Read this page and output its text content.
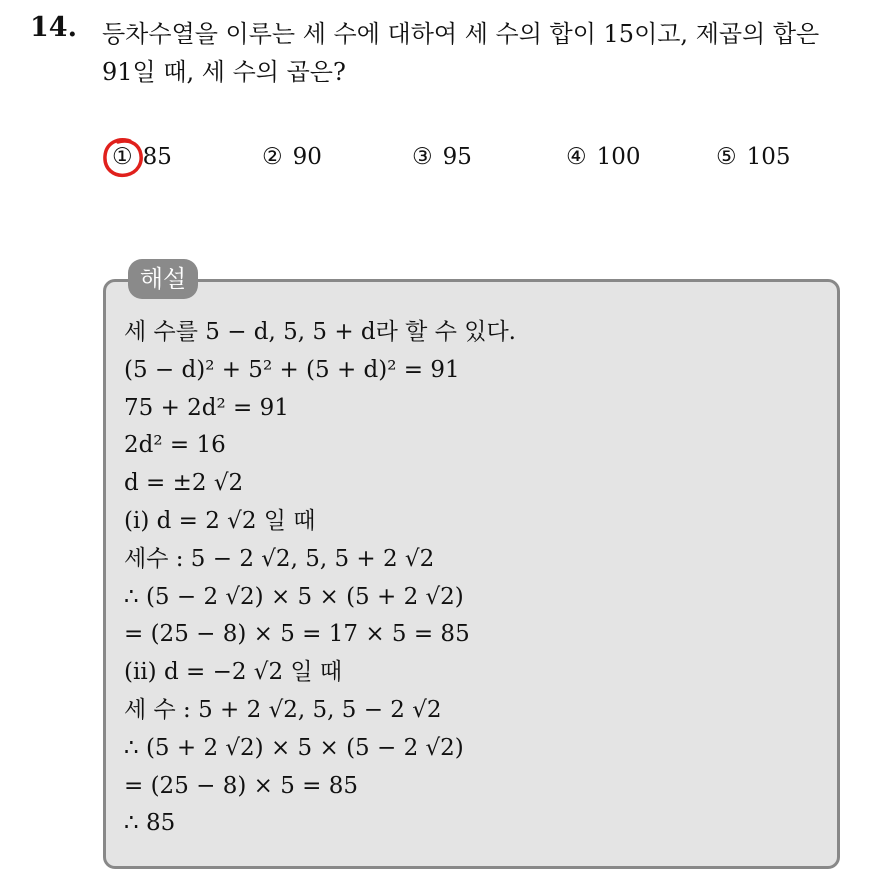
14. 등차수열을 이루는 세 수에 대하여 세 수의 합이 15이고, 제곱의 합은
91일 때, 세 수의 곱은?
① 85	② 90	③ 95	④ 100	⑤ 105
해설
세 수를 5 − d, 5, 5 + d라 할 수 있다.
(5 − d)² + 5² + (5 + d)² = 91
75 + 2d² = 91
2d² = 16
d = ±2 √2
(i) d = 2 √2 일 때
세수 : 5 − 2 √2, 5, 5 + 2 √2
∴ (5 − 2 √2) × 5 × (5 + 2 √2)
= (25 − 8) × 5 = 17 × 5 = 85
(ii) d = −2 √2 일 때
세 수 : 5 + 2 √2, 5, 5 − 2 √2
∴ (5 + 2 √2) × 5 × (5 − 2 √2)
= (25 − 8) × 5 = 85
∴ 85
